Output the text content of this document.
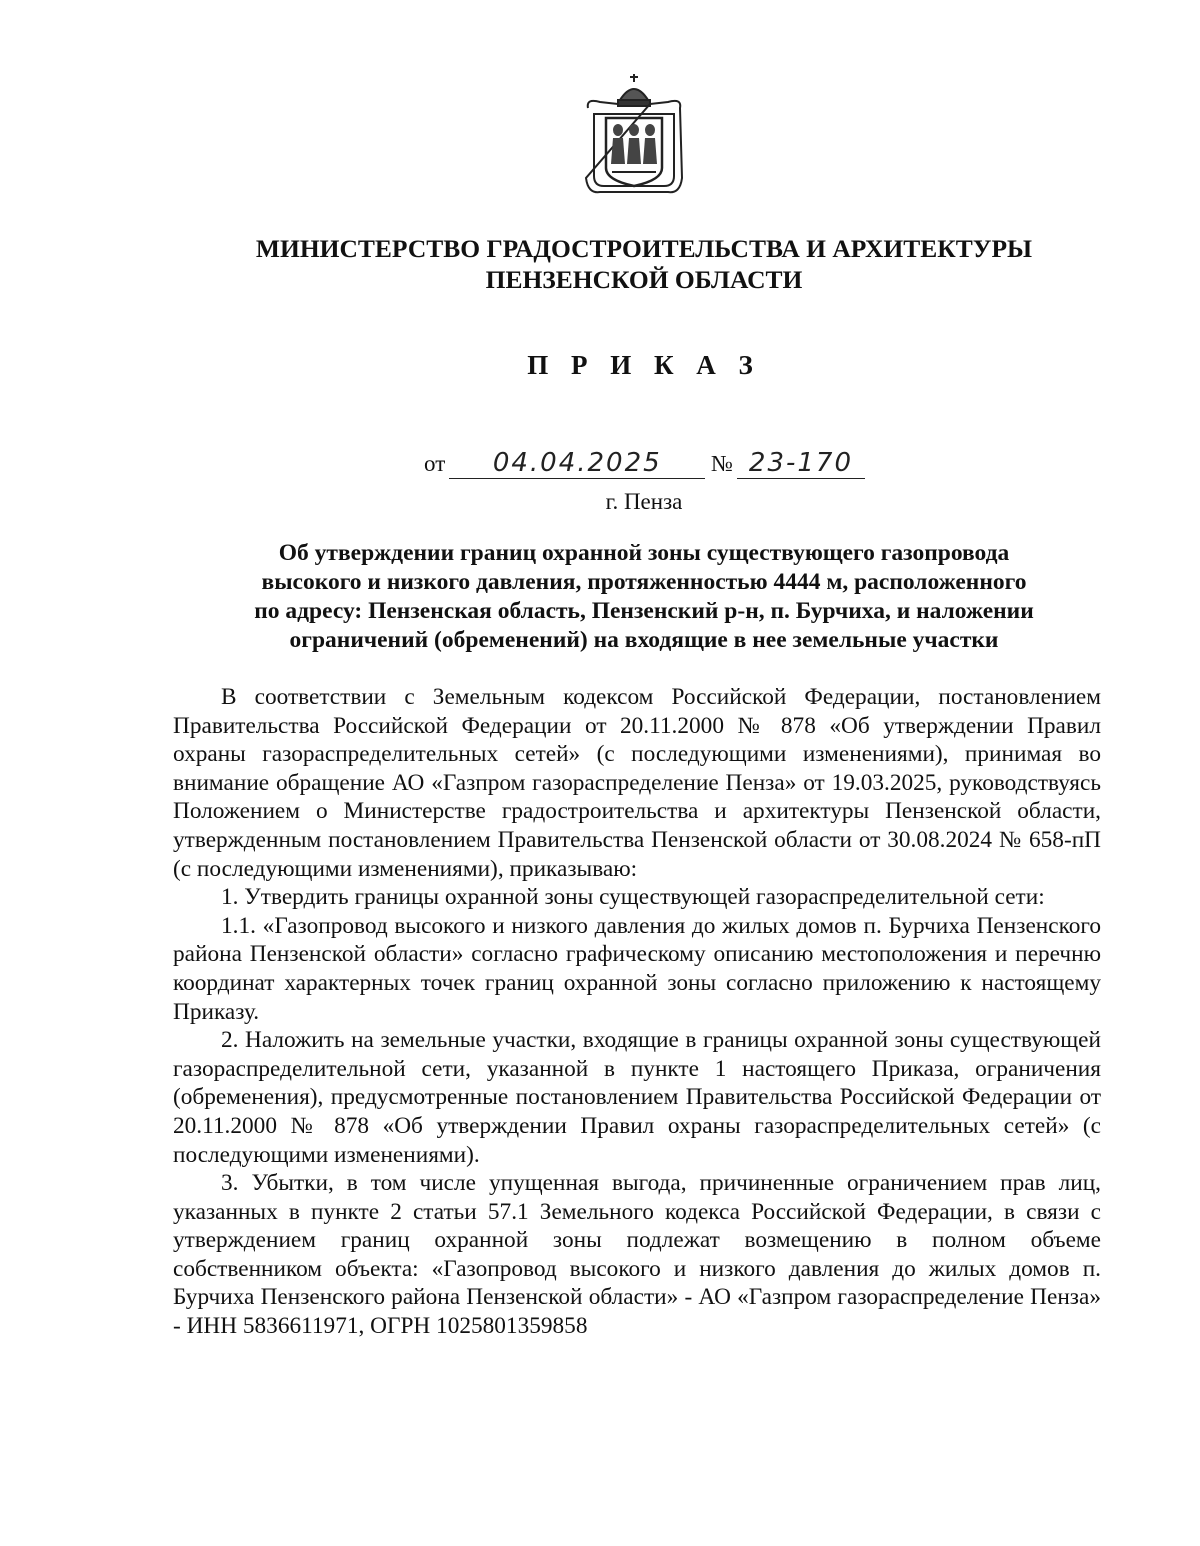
МИНИСТЕРСТВО ГРАДОСТРОИТЕЛЬСТВА И АРХИТЕКТУРЫ
ПЕНЗЕНСКОЙ ОБЛАСТИ
П Р И К А З
от 04.04.2025 № 23-170
г. Пенза
Об утверждении границ охранной зоны существующего газопровода
высокого и низкого давления, протяженностью 4444 м, расположенного
по адресу: Пензенская область, Пензенский р-н, п. Бурчиха, и наложении
ограничений (обременений) на входящие в нее земельные участки

В соответствии с Земельным кодексом Российской Федерации, постановлением Правительства Российской Федерации от 20.11.2000 № 878 «Об утверждении Правил охраны газораспределительных сетей» (с последующими изменениями), принимая во внимание обращение АО «Газпром газораспределение Пенза» от 19.03.2025, руководствуясь Положением о Министерстве градостроительства и архитектуры Пензенской области, утвержденным постановлением Правительства Пензенской области от 30.08.2024 № 658-пП (с последующими изменениями), приказываю:

1. Утвердить границы охранной зоны существующей газораспределительной сети:

1.1. «Газопровод высокого и низкого давления до жилых домов п. Бурчиха Пензенского района Пензенской области» согласно графическому описанию местоположения и перечню координат характерных точек границ охранной зоны согласно приложению к настоящему Приказу.

2. Наложить на земельные участки, входящие в границы охранной зоны существующей газораспределительной сети, указанной в пункте 1 настоящего Приказа, ограничения (обременения), предусмотренные постановлением Правительства Российской Федерации от 20.11.2000 № 878 «Об утверждении Правил охраны газораспределительных сетей» (с последующими изменениями).

3. Убытки, в том числе упущенная выгода, причиненные ограничением прав лиц, указанных в пункте 2 статьи 57.1 Земельного кодекса Российской Федерации, в связи с утверждением границ охранной зоны подлежат возмещению в полном объеме собственником объекта: «Газопровод высокого и низкого давления до жилых домов п. Бурчиха Пензенского района Пензенской области» - АО «Газпром газораспределение Пенза» - ИНН 5836611971, ОГРН 1025801359858
